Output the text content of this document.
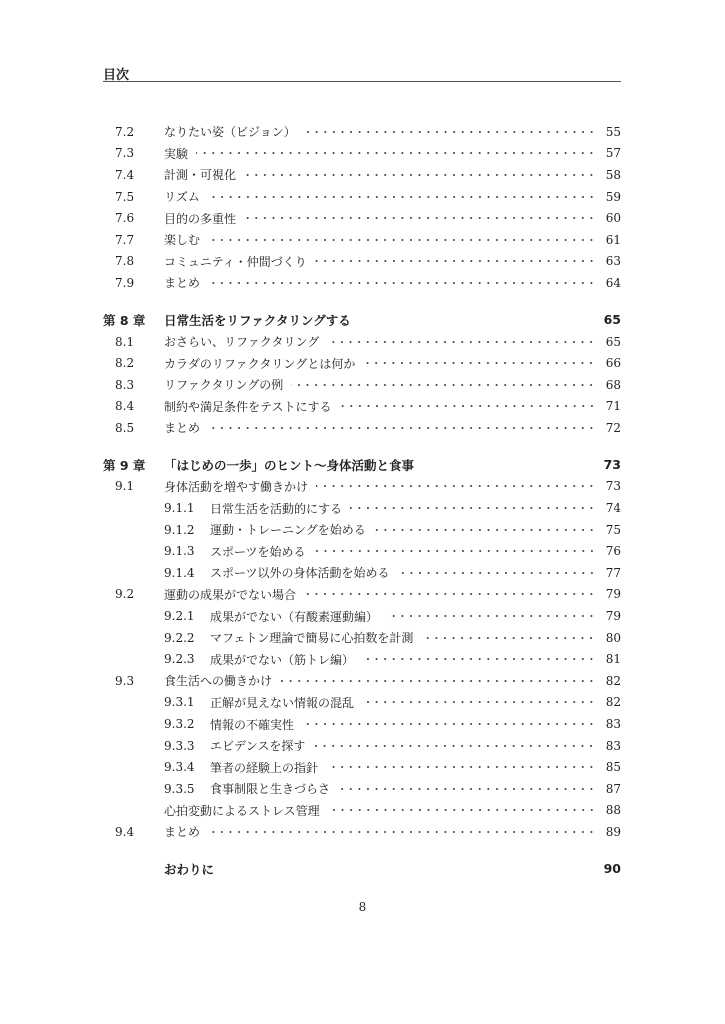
目次
7.2	なりたい姿（ビジョン）	55
7.3	実験	57
7.4	計測・可視化	58
7.5	リズム	59
7.6	目的の多重性	60
7.7	楽しむ	61
7.8	コミュニティ・仲間づくり	63
7.9	まとめ	64
第 8 章	日常生活をリファクタリングする	65
8.1	おさらい、リファクタリング	65
8.2	カラダのリファクタリングとは何か	66
8.3	リファクタリングの例	68
8.4	制約や満足条件をテストにする	71
8.5	まとめ	72
第 9 章	「はじめの一歩」のヒント〜身体活動と食事	73
9.1	身体活動を増やす働きかけ	73
9.1.1	日常生活を活動的にする	74
9.1.2	運動・トレーニングを始める	75
9.1.3	スポーツを始める	76
9.1.4	スポーツ以外の身体活動を始める	77
9.2	運動の成果がでない場合	79
9.2.1	成果がでない（有酸素運動編）	79
9.2.2	マフェトン理論で簡易に心拍数を計測	80
9.2.3	成果がでない（筋トレ編）	81
9.3	食生活への働きかけ	82
9.3.1	正解が見えない情報の混乱	82
9.3.2	情報の不確実性	83
9.3.3	エビデンスを探す	83
9.3.4	筆者の経験上の指針	85
9.3.5	食事制限と生きづらさ	87
心拍変動によるストレス管理	88
9.4	まとめ	89
おわりに	90
8
